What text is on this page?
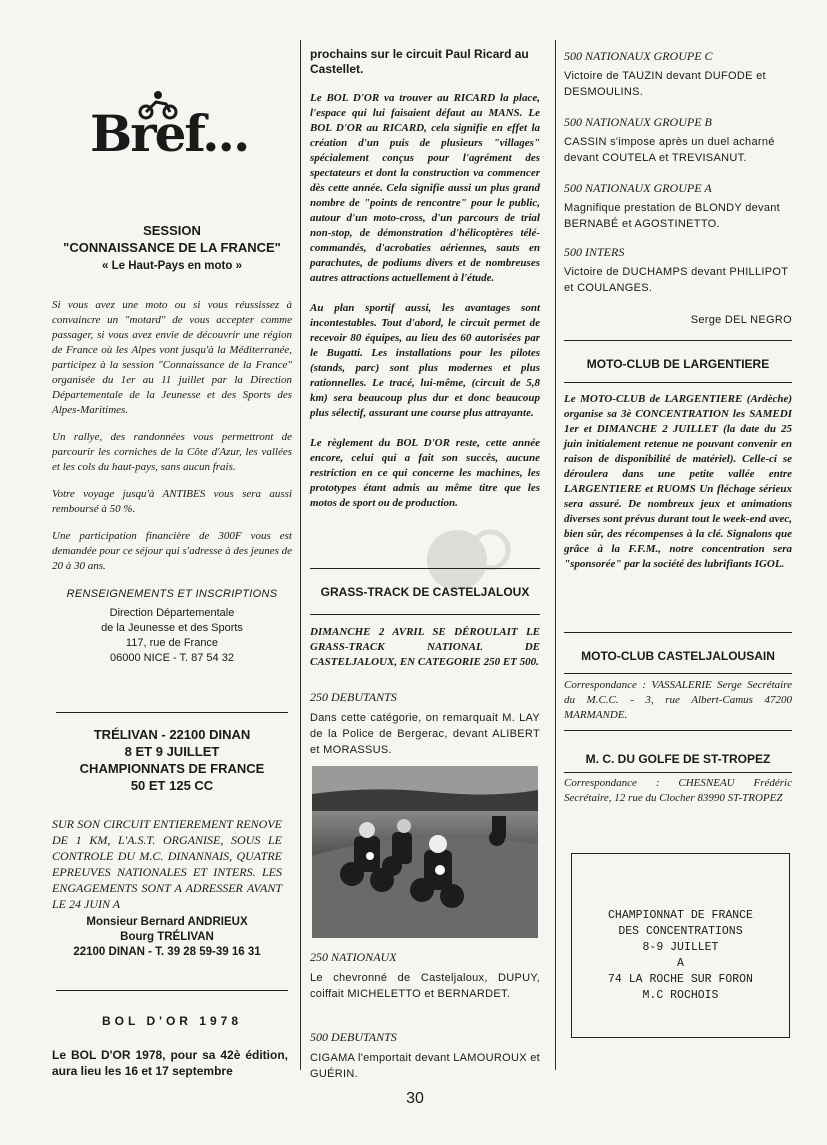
Bref...

SESSION

"CONNAISSANCE DE LA FRANCE"

« Le Haut-Pays en moto »

Si vous avez une moto ou si vous réussissez à convaincre un "motard" de vous accepter comme passager, si vous avez envie de découvrir une région de France où les Alpes vont jusqu'à la Méditerranée, participez à la session "Connaissance de la France" organisée du 1er au 11 juillet par la Direction Départementale de la Jeunesse et des Sports des Alpes-Maritimes.

Un rallye, des randonnées vous permettront de parcourir les corniches de la Côte d'Azur, les vallées et les cols du haut-pays, sans aucun frais.

Votre voyage jusqu'à ANTIBES vous sera aussi remboursé à 50 %.

Une participation financière de 300F vous est demandée pour ce séjour qui s'adresse à des jeunes de 20 à 30 ans.

RENSEIGNEMENTS ET INSCRIPTIONS

Direction Départementale

de la Jeunesse et des Sports

117, rue de France

06000 NICE - T. 87 54 32

TRÉLIVAN - 22100 DINAN

8 ET 9 JUILLET

CHAMPIONNATS DE FRANCE

50 ET 125 CC

SUR SON CIRCUIT ENTIEREMENT RENOVE DE 1 KM, L'A.S.T. ORGANISE, SOUS LE CONTROLE DU M.C. DINANNAIS, QUATRE EPREUVES NATIONALES ET INTERS. LES ENGAGEMENTS SONT A ADRESSER AVANT LE 24 JUIN A

Monsieur Bernard ANDRIEUX

Bourg TRÉLIVAN

22100 DINAN - T. 39 28 59-39 16 31

BOL D'OR 1978

Le BOL D'OR 1978, pour sa 42è édition, aura lieu les 16 et 17 septembre

prochains sur le circuit Paul Ricard au Castellet.

Le BOL D'OR va trouver au RICARD la place, l'espace qui lui faisaient défaut au MANS. Le BOL D'OR au RICARD, cela signifie en effet la création d'un puis de plusieurs "villages" spécialement conçus pour l'agrément des spectateurs et dont la construction va commencer dès cette année. Cela signifie aussi un plus grand nombre de "points de rencontre" pour le public, autour d'un moto-cross, d'un parcours de trial non-stop, de démonstration d'hélicoptères télé-commandés, d'acrobaties aériennes, sauts en parachutes, de podiums divers et de nombreuses autres attractions actuellement à l'étude.

Au plan sportif aussi, les avantages sont incontestables. Tout d'abord, le circuit permet de recevoir 80 équipes, au lieu des 60 autorisées par le Bugatti. Les installations pour les pilotes (stands, parc) sont plus modernes et plus rationnelles. Le tracé, lui-même, (circuit de 5,8 km) sera beaucoup plus dur et donc beaucoup plus sélectif, assurant une course plus attrayante.

Le règlement du BOL D'OR reste, cette année encore, celui qui a fait son succès, aucune restriction en ce qui concerne les machines, les prototypes étant admis au même titre que les motos de sport ou de production.

GRASS-TRACK DE CASTELJALOUX

DIMANCHE 2 AVRIL SE DÉROULAIT LE GRASS-TRACK NATIONAL DE CASTELJALOUX, EN CATEGORIE 250 ET 500.

250 DEBUTANTS

Dans cette catégorie, on remarquait M. LAY de la Police de Bergerac, devant ALIBERT et MORASSUS.

250 NATIONAUX

Le chevronné de Casteljaloux, DUPUY, coiffait MICHELETTO et BERNARDET.

500 DEBUTANTS

CIGAMA l'emportait devant LAMOUROUX et GUÉRIN.

500 NATIONAUX GROUPE C

Victoire de TAUZIN devant DUFODE et DESMOULINS.

500 NATIONAUX GROUPE B

CASSIN s'impose après un duel acharné devant COUTELA et TREVISANUT.

500 NATIONAUX GROUPE A

Magnifique prestation de BLONDY devant BERNABÉ et AGOSTINETTO.

500 INTERS

Victoire de DUCHAMPS devant PHILLIPOT et COULANGES.

Serge DEL NEGRO

MOTO-CLUB DE LARGENTIERE

Le MOTO-CLUB de LARGENTIERE (Ardèche) organise sa 3è CONCENTRATION les SAMEDI 1er et DIMANCHE 2 JUILLET (la date du 25 juin initialement retenue ne pouvant convenir en raison de disponibilité de matériel). Celle-ci se déroulera dans une petite vallée entre LARGENTIERE et RUOMS Un fléchage sérieux sera assuré. De nombreux jeux et animations diverses sont prévus durant tout le week-end avec, bien sûr, des récompenses à la clé. Signalons que grâce à la F.F.M., notre concentration sera "sponsorée" par la société des lubrifiants IGOL.

MOTO-CLUB CASTELJALOUSAIN

Correspondance : VASSALERIE Serge Secrétaire du M.C.C. - 3, rue Albert-Camus 47200 MARMANDE.

M. C. DU GOLFE DE ST-TROPEZ

Correspondance : CHESNEAU Frédéric Secrétaire, 12 rue du Clocher 83990 ST-TROPEZ

CHAMPIONNAT DE FRANCE

DES CONCENTRATIONS

8-9 JUILLET

A

74 LA ROCHE SUR FORON

M.C ROCHOIS

30
